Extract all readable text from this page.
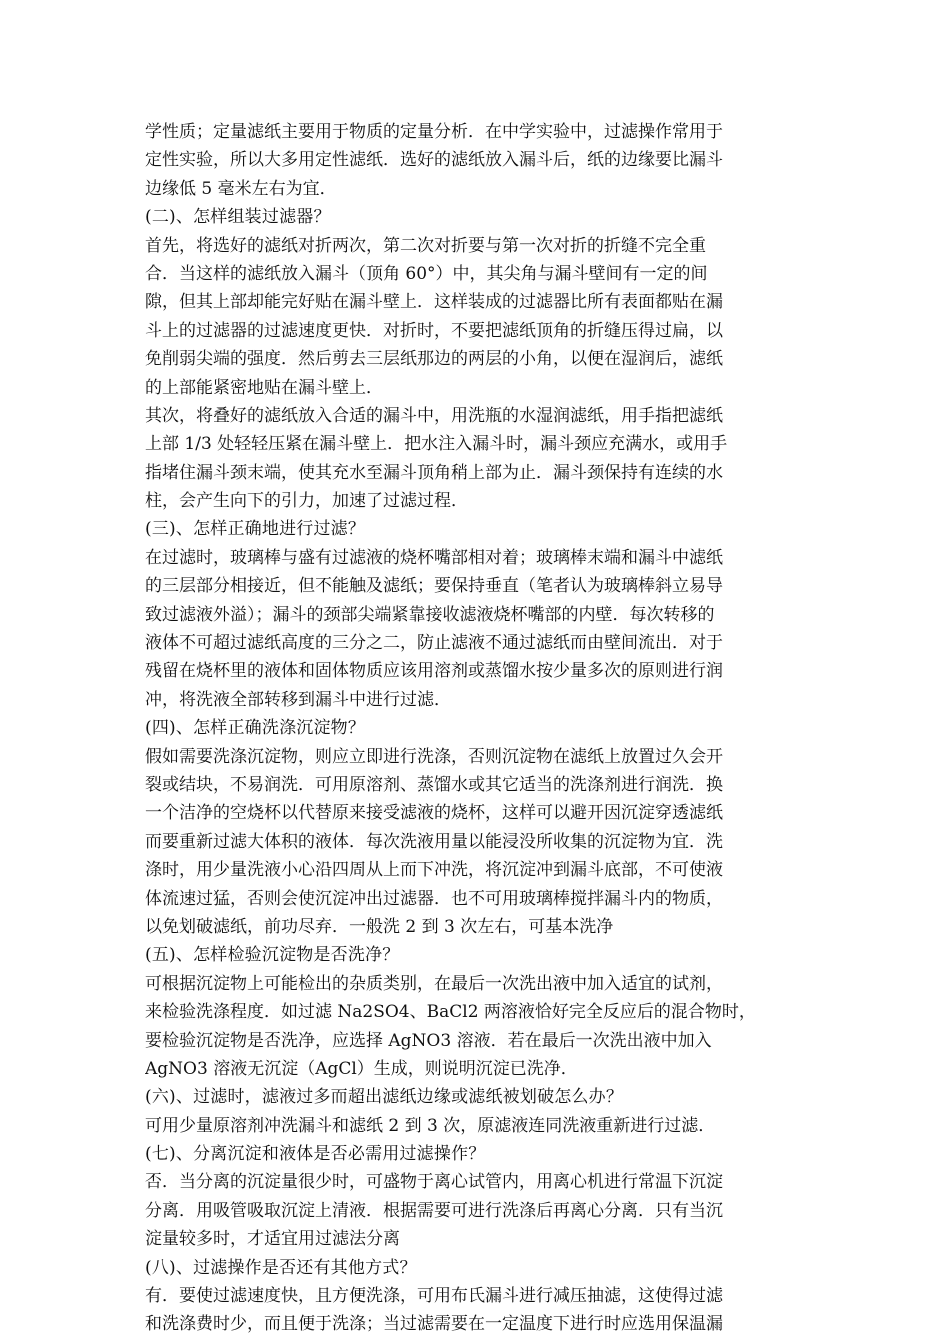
学性质；定量滤纸主要用于物质的定量分析．在中学实验中，过滤操作常用于
定性实验，所以大多用定性滤纸．选好的滤纸放入漏斗后，纸的边缘要比漏斗
边缘低 5 毫米左右为宜．
(二)、怎样组装过滤器？
首先，将选好的滤纸对折两次，第二次对折要与第一次对折的折缝不完全重
合．当这样的滤纸放入漏斗（顶角 60°）中，其尖角与漏斗壁间有一定的间
隙，但其上部却能完好贴在漏斗壁上．这样装成的过滤器比所有表面都贴在漏
斗上的过滤器的过滤速度更快．对折时，不要把滤纸顶角的折缝压得过扁，以
免削弱尖端的强度．然后剪去三层纸那边的两层的小角，以便在湿润后，滤纸
的上部能紧密地贴在漏斗壁上．
其次，将叠好的滤纸放入合适的漏斗中，用洗瓶的水湿润滤纸，用手指把滤纸
上部 1/3 处轻轻压紧在漏斗壁上．把水注入漏斗时，漏斗颈应充满水，或用手
指堵住漏斗颈末端，使其充水至漏斗顶角稍上部为止．漏斗颈保持有连续的水
柱，会产生向下的引力，加速了过滤过程．
(三)、怎样正确地进行过滤？
在过滤时，玻璃棒与盛有过滤液的烧杯嘴部相对着；玻璃棒末端和漏斗中滤纸
的三层部分相接近，但不能触及滤纸；要保持垂直（笔者认为玻璃棒斜立易导
致过滤液外溢）；漏斗的颈部尖端紧靠接收滤液烧杯嘴部的内壁．每次转移的
液体不可超过滤纸高度的三分之二，防止滤液不通过滤纸而由壁间流出．对于
残留在烧杯里的液体和固体物质应该用溶剂或蒸馏水按少量多次的原则进行润
冲，将洗液全部转移到漏斗中进行过滤．
(四)、怎样正确洗涤沉淀物？
假如需要洗涤沉淀物，则应立即进行洗涤，否则沉淀物在滤纸上放置过久会开
裂或结块，不易润洗．可用原溶剂、蒸馏水或其它适当的洗涤剂进行润洗．换
一个洁净的空烧杯以代替原来接受滤液的烧杯，这样可以避开因沉淀穿透滤纸
而要重新过滤大体积的液体．每次洗液用量以能浸没所收集的沉淀物为宜．洗
涤时，用少量洗液小心沿四周从上而下冲洗，将沉淀冲到漏斗底部，不可使液
体流速过猛，否则会使沉淀冲出过滤器．也不可用玻璃棒搅拌漏斗内的物质，
以免划破滤纸，前功尽弃．一般洗 2 到 3 次左右，可基本洗净
(五)、怎样检验沉淀物是否洗净？
可根据沉淀物上可能检出的杂质类别，在最后一次洗出液中加入适宜的试剂，
来检验洗涤程度．如过滤 Na2SO4、BaCl2 两溶液恰好完全反应后的混合物时，
要检验沉淀物是否洗净，应选择 AgNO3 溶液．若在最后一次洗出液中加入
AgNO3 溶液无沉淀（AgCl）生成，则说明沉淀已洗净．
(六)、过滤时，滤液过多而超出滤纸边缘或滤纸被划破怎么办？
可用少量原溶剂冲洗漏斗和滤纸 2 到 3 次，原滤液连同洗液重新进行过滤．
(七)、分离沉淀和液体是否必需用过滤操作？
否．当分离的沉淀量很少时，可盛物于离心试管内，用离心机进行常温下沉淀
分离．用吸管吸取沉淀上清液．根据需要可进行洗涤后再离心分离．只有当沉
淀量较多时，才适宜用过滤法分离
(八)、过滤操作是否还有其他方式？
有．要使过滤速度快，且方便洗涤，可用布氏漏斗进行减压抽滤，这使得过滤
和洗涤费时少，而且便于洗涤；当过滤需要在一定温度下进行时应选用保温漏
